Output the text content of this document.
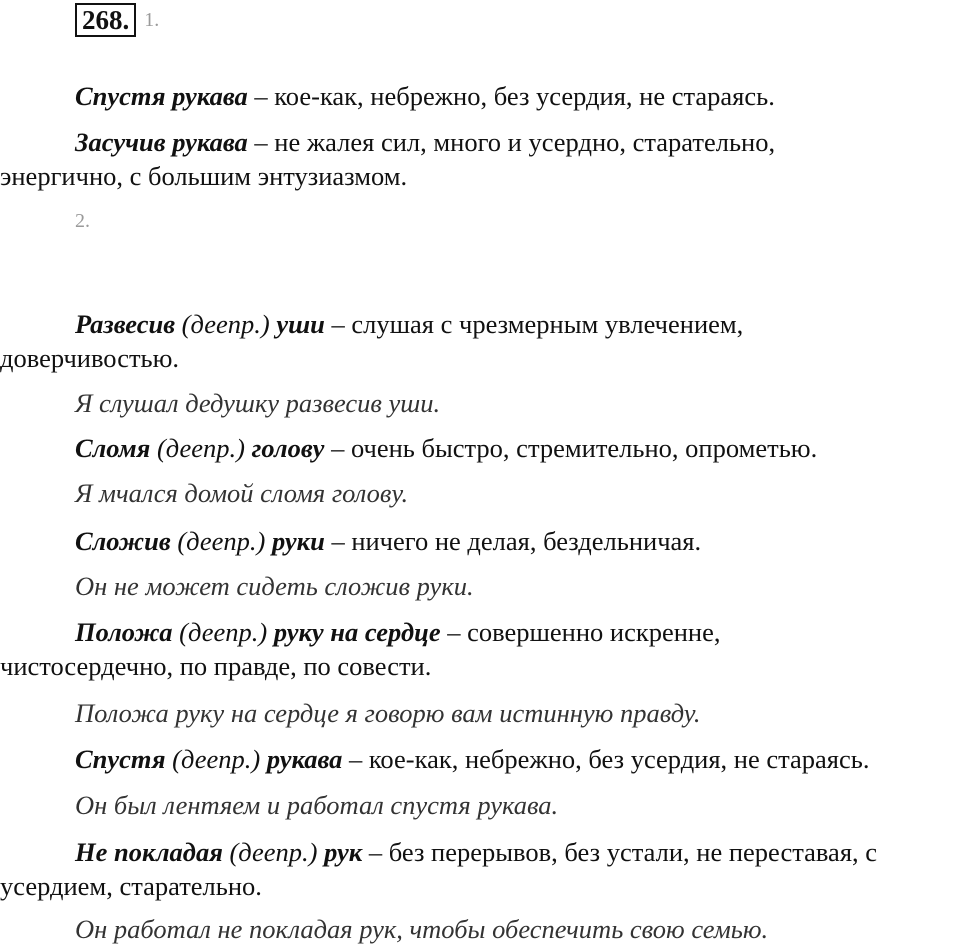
268. 1.
Спустя рукава – кое-как, небрежно, без усердия, не стараясь.
Засучив рукава – не жалея сил, много и усердно, старательно,
энергично, с большим энтузиазмом.
2.
Развесив (деепр.) уши – слушая с чрезмерным увлечением,
доверчивостью.
Я слушал дедушку развесив уши.
Сломя (деепр.) голову – очень быстро, стремительно, опрометью.
Я мчался домой сломя голову.
Сложив (деепр.) руки – ничего не делая, бездельничая.
Он не может сидеть сложив руки.
Положа (деепр.) руку на сердце – совершенно искренне,
чистосердечно, по правде, по совести.
Положа руку на сердце я говорю вам истинную правду.
Спустя (деепр.) рукава – кое-как, небрежно, без усердия, не стараясь.
Он был лентяем и работал спустя рукава.
Не покладая (деепр.) рук – без перерывов, без устали, не переставая, с
усердием, старательно.
Он работал не покладая рук, чтобы обеспечить свою семью.
